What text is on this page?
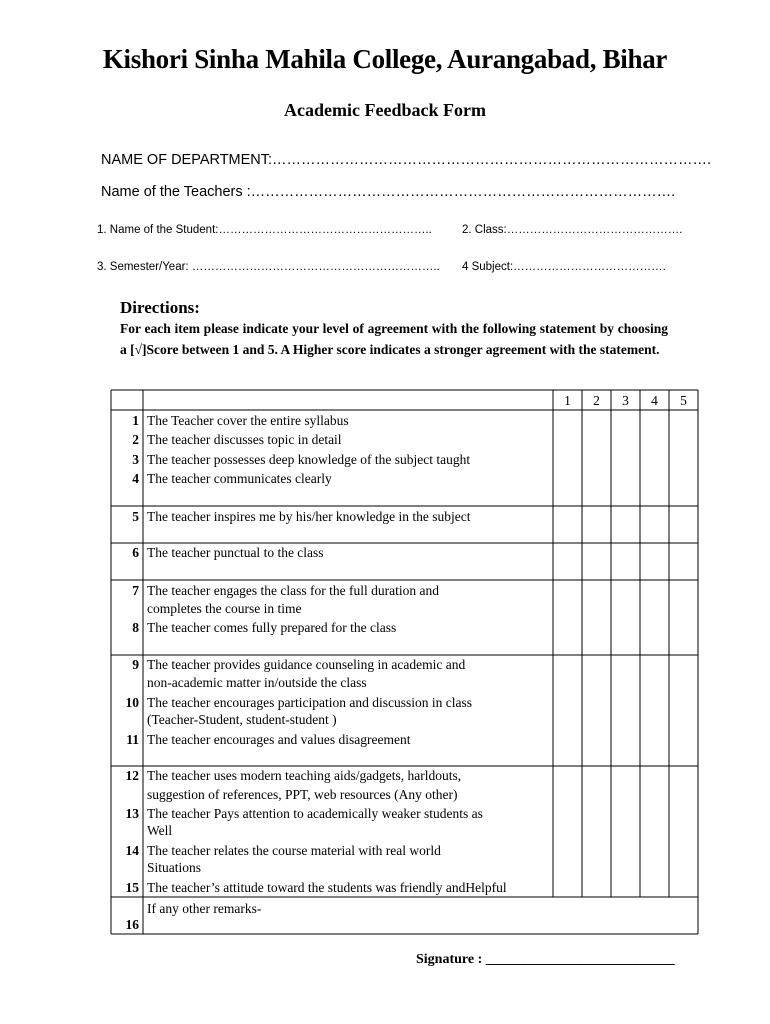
Kishori Sinha Mahila College, Aurangabad, Bihar
Academic Feedback Form
NAME OF DEPARTMENT:……………………………………………………………………………….
Name of the Teachers :…………………………………………………………………………….
1. Name of the Student:………………………………………………..	2. Class:……………………………………….
3. Semester/Year: ……………………………………………………….. 4 Subject:………………………………….
Directions:
For each item please indicate your level of agreement with the following statement by choosing a [√]Score between 1 and 5. A Higher score indicates a stronger agreement with the statement.
1 2 3 4 5
1 The Teacher cover the entire syllabus
2 The teacher discusses topic in detail
3 The teacher possesses deep knowledge of the subject taught
4 The teacher communicates clearly
5 The teacher inspires me by his/her knowledge in the subject
6 The teacher punctual to the class
7 The teacher engages the class for the full duration and
completes the course in time
8 The teacher comes fully prepared for the class
9 The teacher provides guidance counseling in academic and
non-academic matter in/outside the class
10 The teacher encourages participation and discussion in class
(Teacher-Student, student-student )
11 The teacher encourages and values disagreement
12 The teacher uses modern teaching aids/gadgets, harldouts,
suggestion of references, PPT, web resources (Any other)
13 The teacher Pays attention to academically weaker students as
Well
14 The teacher relates the course material with real world
Situations
15 The teacher’s attitude toward the students was friendly andHelpful
16
If any other remarks-
Signature : ___________________________
